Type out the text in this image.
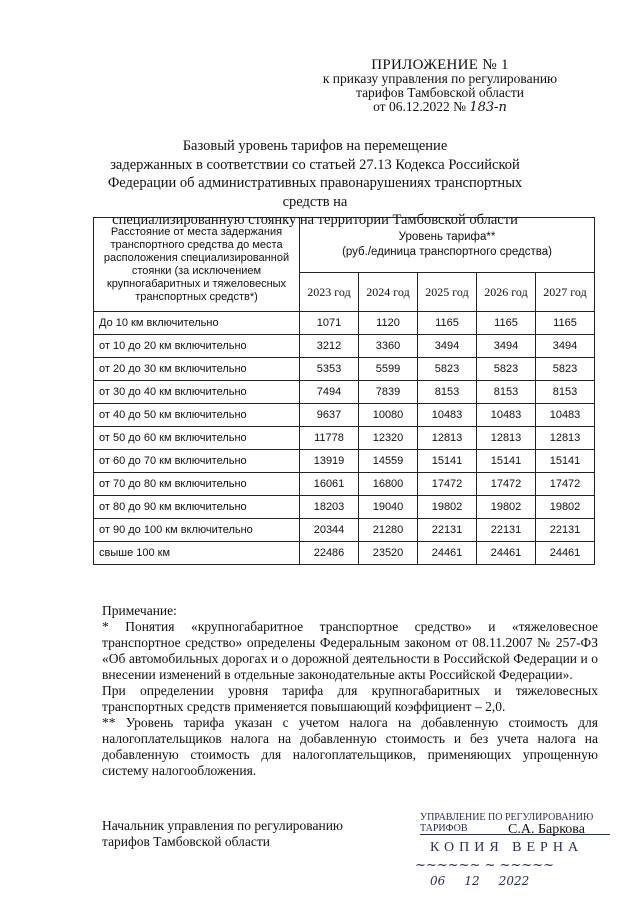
ПРИЛОЖЕНИЕ № 1
к приказу управления по регулированию
тарифов Тамбовской области
от 06.12.2022 № 183-п
Базовый уровень тарифов на перемещение
задержанных в соответствии со статьей 27.13 Кодекса Российской
Федерации об административных правонарушениях транспортных средств на
специализированную стоянку на территории Тамбовской области
Расстояние от места задержания транспортного средства до места расположения специализированной стоянки (за исключением крупногабаритных и тяжеловесных транспортных средств*)	Уровень тарифа**
(руб./единица транспортного средства)				

	2023 год	2024 год	2025 год	2026 год	2027 год
До 10 км включительно	1071	1120	1165	1165	1165
от 10 до 20 км включительно	3212	3360	3494	3494	3494
от 20 до 30 км включительно	5353	5599	5823	5823	5823
от 30 до 40 км включительно	7494	7839	8153	8153	8153
от 40 до 50 км включительно	9637	10080	10483	10483	10483
от 50 до 60 км включительно	11778	12320	12813	12813	12813
от 60 до 70 км включительно	13919	14559	15141	15141	15141
от 70 до 80 км включительно	16061	16800	17472	17472	17472
от 80 до 90 км включительно	18203	19040	19802	19802	19802
от 90 до 100 км включительно	20344	21280	22131	22131	22131
свыше 100 км	22486	23520	24461	24461	24461

Примечание:

* Понятия «крупногабаритное транспортное средство» и «тяжеловесное транспортное средство» определены Федеральным законом от 08.11.2007 № 257-ФЗ «Об автомобильных дорогах и о дорожной деятельности в Российской Федерации и о внесении изменений в отдельные законодательные акты Российской Федерации».

При определении уровня тарифа для крупногабаритных и тяжеловесных транспортных средств применяется повышающий коэффициент – 2,0.

** Уровень тарифа указан с учетом налога на добавленную стоимость для налогоплательщиков налога на добавленную стоимость и без учета налога на добавленную стоимость для налогоплательщиков, применяющих упрощенную систему налогообложения.

Начальник управления по регулированию
тарифов Тамбовской области
УПРАВЛЕНИЕ ПО РЕГУЛИРОВАНИЮ ТАРИФОВ	С.А. Баркова
КОПИЯ ВЕРНА
~~~~~~ ~ ~~~~~
06 12 2022
